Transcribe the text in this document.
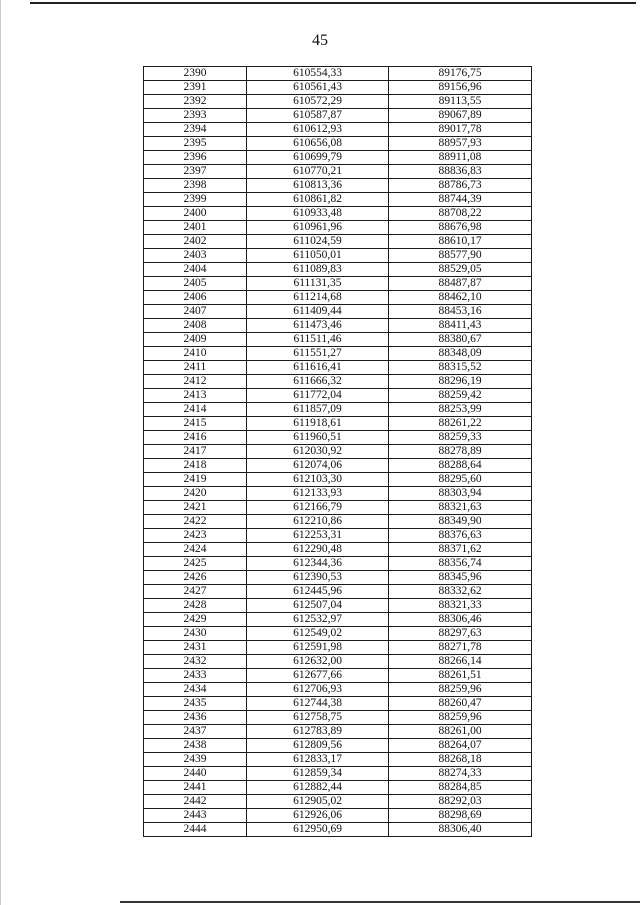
45
2390	610554,33	89176,75
2391	610561,43	89156,96
2392	610572,29	89113,55
2393	610587,87	89067,89
2394	610612,93	89017,78
2395	610656,08	88957,93
2396	610699,79	88911,08
2397	610770,21	88836,83
2398	610813,36	88786,73
2399	610861,82	88744,39
2400	610933,48	88708,22
2401	610961,96	88676,98
2402	611024,59	88610,17
2403	611050,01	88577,90
2404	611089,83	88529,05
2405	611131,35	88487,87
2406	611214,68	88462,10
2407	611409,44	88453,16
2408	611473,46	88411,43
2409	611511,46	88380,67
2410	611551,27	88348,09
2411	611616,41	88315,52
2412	611666,32	88296,19
2413	611772,04	88259,42
2414	611857,09	88253,99
2415	611918,61	88261,22
2416	611960,51	88259,33
2417	612030,92	88278,89
2418	612074,06	88288,64
2419	612103,30	88295,60
2420	612133,93	88303,94
2421	612166,79	88321,63
2422	612210,86	88349,90
2423	612253,31	88376,63
2424	612290,48	88371,62
2425	612344,36	88356,74
2426	612390,53	88345,96
2427	612445,96	88332,62
2428	612507,04	88321,33
2429	612532,97	88306,46
2430	612549,02	88297,63
2431	612591,98	88271,78
2432	612632,00	88266,14
2433	612677,66	88261,51
2434	612706,93	88259,96
2435	612744,38	88260,47
2436	612758,75	88259,96
2437	612783,89	88261,00
2438	612809,56	88264,07
2439	612833,17	88268,18
2440	612859,34	88274,33
2441	612882,44	88284,85
2442	612905,02	88292,03
2443	612926,06	88298,69
2444	612950,69	88306,40
